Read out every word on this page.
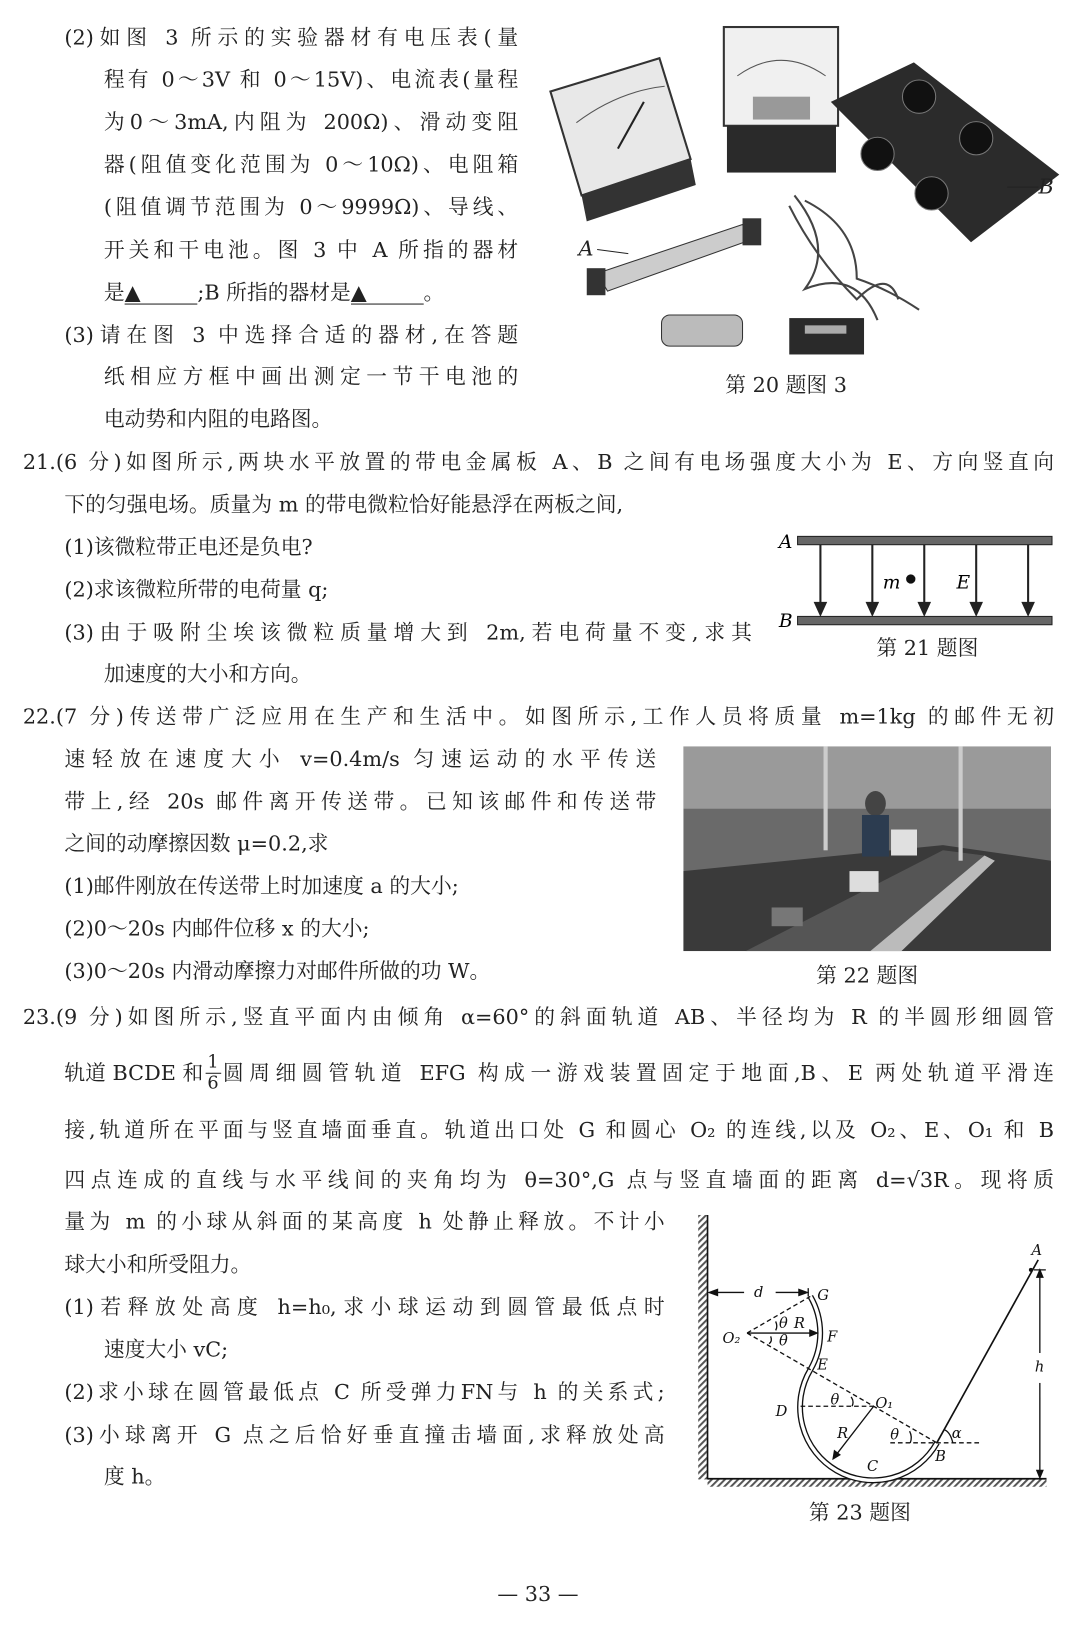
(2)如图 3 所示的实验器材有电压表(量
程有 0～3V 和 0～15V)、电流表(量程
为0～3mA,内阻为 200Ω)、滑动变阻
器(阻值变化范围为 0～10Ω)、电阻箱
(阻值调节范围为 0～9999Ω)、导线、
开关和干电池。图 3 中 A 所指的器材
是▲	;B 所指的器材是▲	。
(3)请在图 3 中选择合适的器材,在答题
纸相应方框中画出测定一节干电池的
电动势和内阻的电路图。
A
B
第 20 题图 3
21.(6 分)如图所示,两块水平放置的带电金属板 A、B 之间有电场强度大小为 E、方向竖直向
下的匀强电场。质量为 m 的带电微粒恰好能悬浮在两板之间,
(1)该微粒带正电还是负电?
(2)求该微粒所带的电荷量 q;
(3)由于吸附尘埃该微粒质量增大到 2m,若电荷量不变,求其
加速度的大小和方向。
m	E
A
B
第 21 题图
22.(7 分)传送带广泛应用在生产和生活中。如图所示,工作人员将质量 m=1kg 的邮件无初
速轻放在速度大小 v=0.4m/s 匀速运动的水平传送
带上,经 20s 邮件离开传送带。已知该邮件和传送带
之间的动摩擦因数 μ=0.2,求
(1)邮件刚放在传送带上时加速度 a 的大小;
(2)0～20s 内邮件位移 x 的大小;
(3)0～20s 内滑动摩擦力对邮件所做的功 W。	第 22 题图
23.(9 分)如图所示,竖直平面内由倾角 α=60°的斜面轨道 AB、半径均为 R 的半圆形细圆管
轨道 BCDE 和 $\frac{1}{6}$ 圆周细圆管轨道 EFG 构成一游戏装置固定于地面,B、E 两处轨道平滑连
接,轨道所在平面与竖直墙面垂直。轨道出口处 G 和圆心 O₂ 的连线,以及 O₂、E、O₁ 和 B
四点连成的直线与水平线间的夹角均为 θ=30°,G 点与竖直墙面的距离 d=√3R。现将质
量为 m 的小球从斜面的某高度 h 处静止释放。不计小
球大小和所受阻力。
(1)若释放处高度 h=h₀,求小球运动到圆管最低点时
速度大小 vC;
(2)求小球在圆管最低点 C 所受弹力FN与 h 的关系式;
(3)小球离开 G 点之后恰好垂直撞击墙面,求释放处高
度 h。
A
B
C
D
E
F
G
O₁
O₂
R
R
d
h
θ
θ
θ
θ α
第 23 题图
— 33 —
